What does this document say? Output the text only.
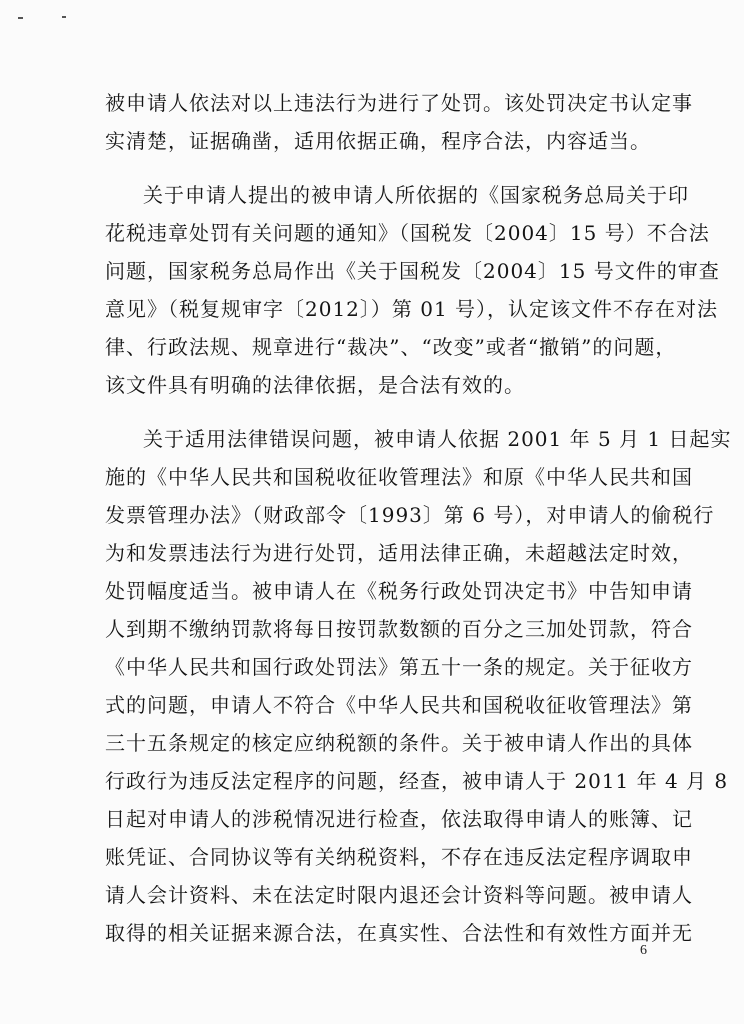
被申请人依法对以上违法行为进行了处罚。该处罚决定书认定事
实清楚，证据确凿，适用依据正确，程序合法，内容适当。
关于申请人提出的被申请人所依据的《国家税务总局关于印
花税违章处罚有关问题的通知》（国税发〔2004〕15 号）不合法
问题，国家税务总局作出《关于国税发〔2004〕15 号文件的审查
意见》（税复规审字〔2012〕）第 01 号），认定该文件不存在对法
律、行政法规、规章进行“裁决”、“改变”或者“撤销”的问题，
该文件具有明确的法律依据，是合法有效的。
关于适用法律错误问题，被申请人依据 2001 年 5 月 1 日起实
施的《中华人民共和国税收征收管理法》和原《中华人民共和国
发票管理办法》（财政部令〔1993〕第 6 号），对申请人的偷税行
为和发票违法行为进行处罚，适用法律正确，未超越法定时效，
处罚幅度适当。被申请人在《税务行政处罚决定书》中告知申请
人到期不缴纳罚款将每日按罚款数额的百分之三加处罚款，符合
《中华人民共和国行政处罚法》第五十一条的规定。关于征收方
式的问题，申请人不符合《中华人民共和国税收征收管理法》第
三十五条规定的核定应纳税额的条件。关于被申请人作出的具体
行政行为违反法定程序的问题，经查，被申请人于 2011 年 4 月 8
日起对申请人的涉税情况进行检查，依法取得申请人的账簿、记
账凭证、合同协议等有关纳税资料，不存在违反法定程序调取申
请人会计资料、未在法定时限内退还会计资料等问题。被申请人
取得的相关证据来源合法，在真实性、合法性和有效性方面并无
6
